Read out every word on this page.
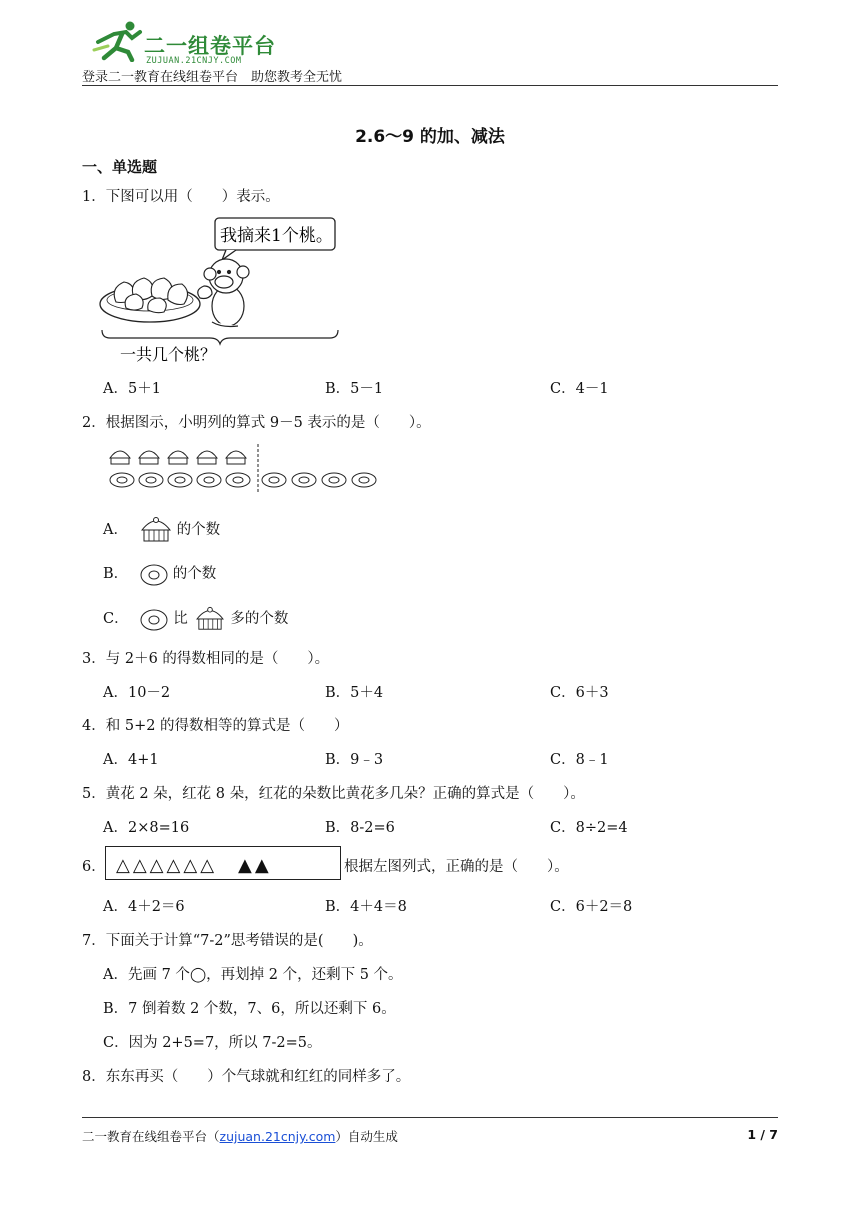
二一组卷平台
ZUJUAN.21CNJY.COM
登录二一教育在线组卷平台　助您教考全无忧
2.6～9 的加、减法
一、单选题
1．下图可以用（　　）表示。
我摘来1个桃。
一共几个桃？
A．5＋1	B．5－1	C．4－1
2．根据图示，小明列的算式 9－5 表示的是（　　）。
A．	的个数
B．	的个数
C．	比	多的个数
3．与 2＋6 的得数相同的是（　　）。
A．10－2	B．5＋4	C．6＋3
4．和 5+2 的得数相等的算式是（　　）
A．4+1	B．9﹣3	C．8﹣1
5．黄花 2 朵，红花 8 朵，红花的朵数比黄花多几朵？正确的算式是（　　）。
A．2×8=16	B．8-2=6	C．8÷2=4
6． △△△△△△　▲▲	根据左图列式，正确的是（　　）。
A．4＋2＝6	B．4＋4＝8	C．6＋2＝8
7．下面关于计算“7-2”思考错误的是(　　)。
A．先画 7 个◯，再划掉 2 个，还剩下 5 个。
B．7 倒着数 2 个数，7、6，所以还剩下 6。
C．因为 2+5=7，所以 7-2=5。
8．东东再买（　　）个气球就和红红的同样多了。
二一教育在线组卷平台（zujuan.21cnjy.com）自动生成	1 / 7
